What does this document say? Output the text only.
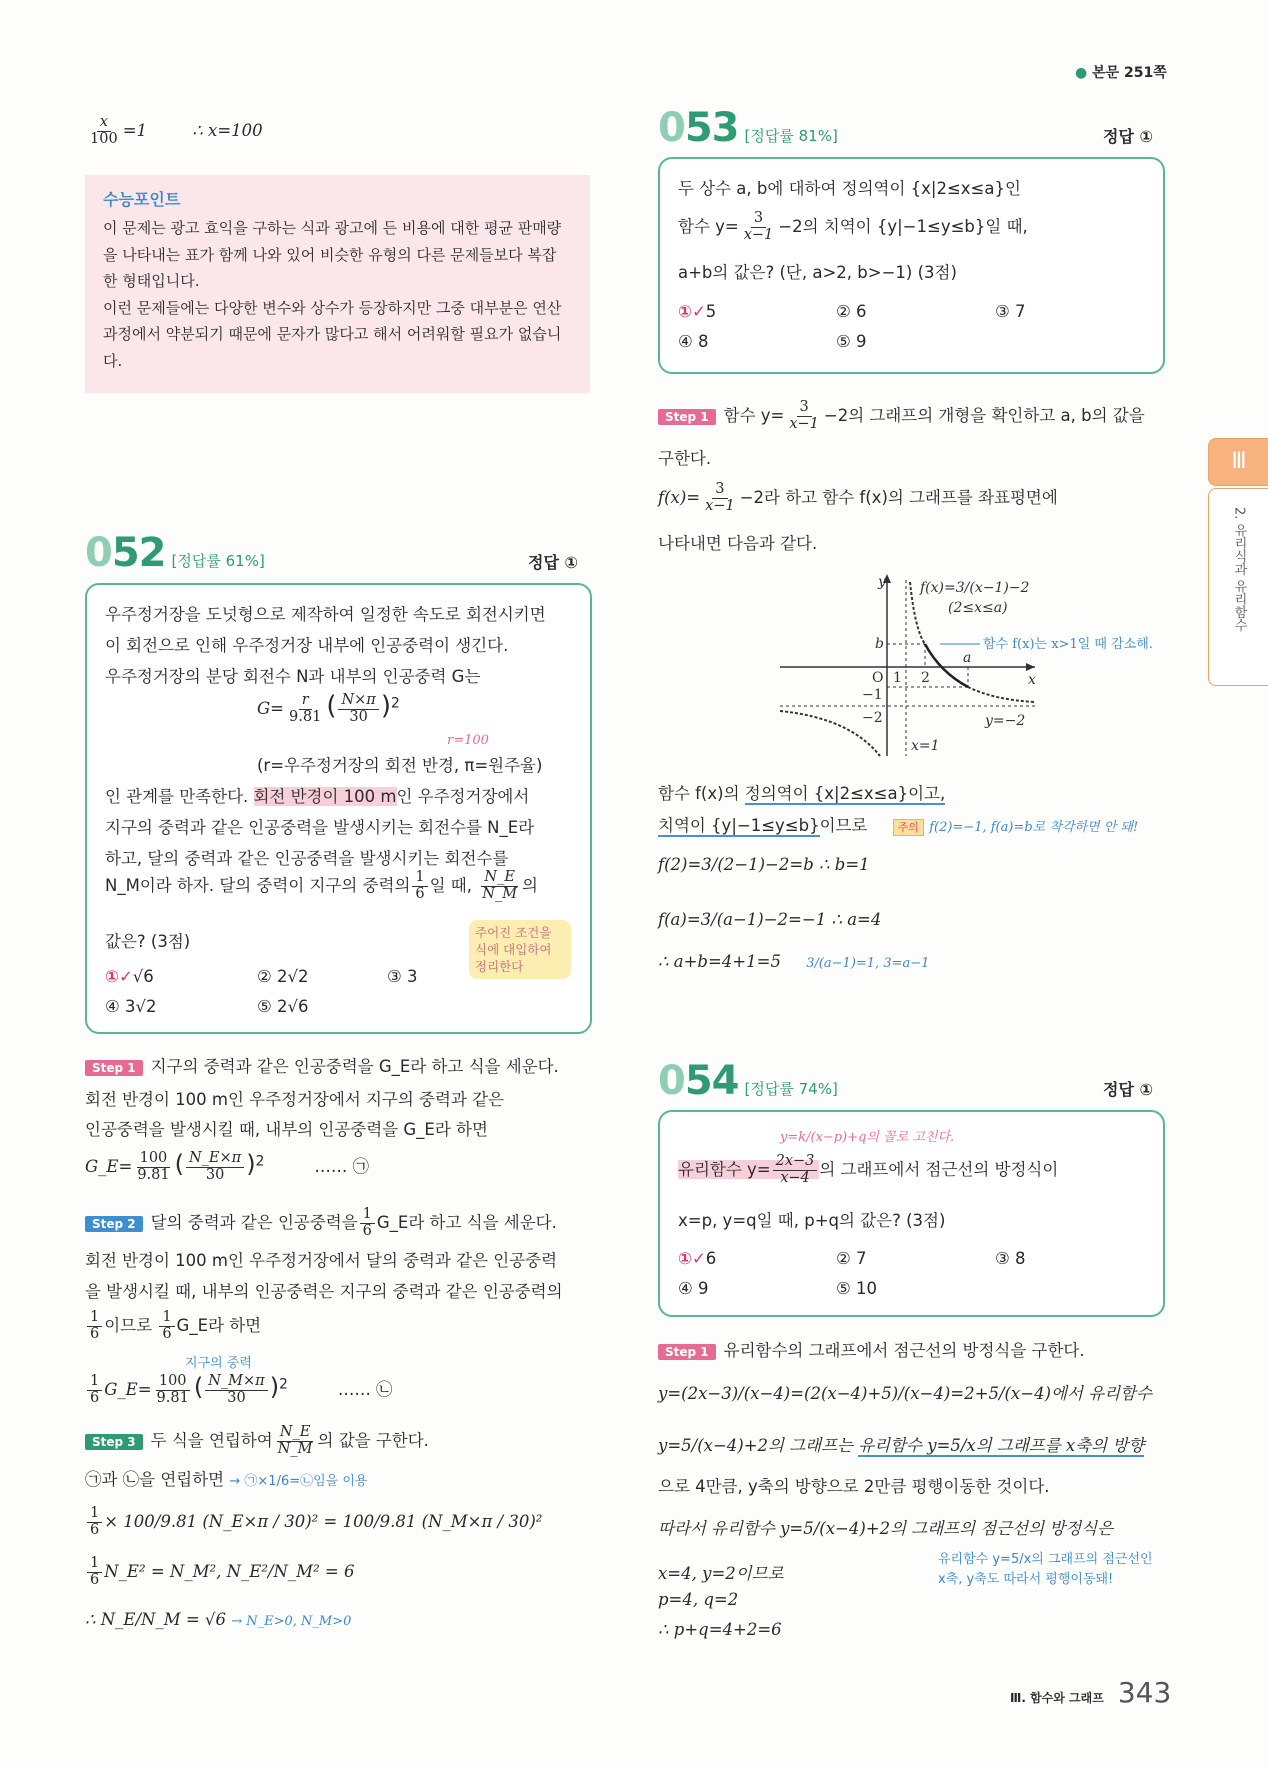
● 본문 251쪽
$\frac{x}{100} =1$	∴ x=100
수능포인트
이 문제는 광고 효익을 구하는 식과 광고에 든 비용에 대한 평균 판매량
을 나타내는 표가 함께 나와 있어 비슷한 유형의 다른 문제들보다 복잡
한 형태입니다.
이런 문제들에는 다양한 변수와 상수가 등장하지만 그중 대부분은 연산
과정에서 약분되기 때문에 문자가 많다고 해서 어려워할 필요가 없습니
다.
052 [정답률 61%]	정답 ①
우주정거장을 도넛형으로 제작하여 일정한 속도로 회전시키면
이 회전으로 인해 우주정거장 내부에 인공중력이 생긴다.
우주정거장의 분당 회전수 N과 내부의 인공중력 G는
$G= \frac{r}{9.81}$ ( $\frac{N\times\pi}{30} )^2$
r=100
(r=우주정거장의 회전 반경, π=원주율)
인 관계를 만족한다. 회전 반경이 100 m인 우주정거장에서
지구의 중력과 같은 인공중력을 발생시키는 회전수를 N_E라
하고, 달의 중력과 같은 인공중력을 발생시키는 회전수를
N_M이라 하자. 달의 중력이 지구의 중력의 $\frac{1}{6}$ 일 때, $\frac{N\_E}{N\_M}$ 의
값은? (3점)	주어진 조건을
식에 대입하여
정리한다
①✓√6	② 2√2	③ 3
④ 3√2	⑤ 2√6
Step 1 지구의 중력과 같은 인공중력을 G_E라 하고 식을 세운다.
회전 반경이 100 m인 우주정거장에서 지구의 중력과 같은
인공중력을 발생시킬 때, 내부의 인공중력을 G_E라 하면
G_E= $\frac{100}{9.81}$ ( $\frac{N\_E\times\pi}{30} )^2$	…… ㉠
Step 2 달의 중력과 같은 인공중력을 $\frac{1}{6}$ G_E라 하고 식을 세운다.
회전 반경이 100 m인 우주정거장에서 달의 중력과 같은 인공중력
을 발생시킬 때, 내부의 인공중력은 지구의 중력과 같은 인공중력의
$\frac{1}{6}$ 이므로 $\frac{1}{6}$ G_E라 하면
지구의 중력
$\frac{1}{6}$ G_E= $\frac{100}{9.81}$ ( $\frac{N\_M\times\pi}{30} )^2$	…… ㉡
Step 3 두 식을 연립하여 $\frac{N\_E}{N\_M}$ 의 값을 구한다.
㉠과 ㉡을 연립하면 → ㉠×1/6=㉡임을 이용
$\frac{1}{6} \times 100/9.81$ (N_E×π / 30)² = 100/9.81 (N_M×π / 30)²
$\frac{1}{6}$ N_E² = N_M², N_E²/N_M² = 6
∴ N_E/N_M = √6 → N_E>0, N_M>0
053 [정답률 81%]	정답 ①
두 상수 a, b에 대하여 정의역이 {x|2≤x≤a}인
함수 $y= \frac{3}{x-1} -2$의 치역이 {y|−1≤y≤b}일 때,
a+b의 값은? (단, a>2, b>−1) (3점)
①✓5	② 6	③ 7
④ 8	⑤ 9
Step 1 함수 $y= \frac{3}{x-1} -2$의 그래프의 개형을 확인하고 a, b의 값을
구한다.
$f(x)= \frac{3}{x-1} -2$라 하고 함수 f(x)의 그래프를 좌표평면에
나타내면 다음과 같다.
y
x
O 1 2
a
b
−1
−2
f(x)=3/(x−1)−2
(2≤x≤a)
y=−2
x=1
함수 f(x)는 x>1일 때 감소해.
함수 f(x)의 정의역이 {x|2≤x≤a}이고,
치역이 {y|−1≤y≤b}이므로	주의 f(2)=−1, f(a)=b로 착각하면 안 돼!
f(2)=3/(2−1)−2=b ∴ b=1
f(a)=3/(a−1)−2=−1 ∴ a=4
∴ a+b=4+1=5 3/(a−1)=1, 3=a−1
054 [정답률 74%]	정답 ①
y=k/(x−p)+q의 꼴로 고친다.
유리함수 $y= \frac{2x-3}{x-4}$ 의 그래프에서 점근선의 방정식이
x=p, y=q일 때, p+q의 값은? (3점)
①✓6	② 7	③ 8
④ 9	⑤ 10
Step 1 유리함수의 그래프에서 점근선의 방정식을 구한다.
y=(2x−3)/(x−4)=(2(x−4)+5)/(x−4)=2+5/(x−4)에서 유리함수
y=5/(x−4)+2의 그래프는 유리함수 y=5/x의 그래프를 x축의 방향
으로 4만큼, y축의 방향으로 2만큼 평행이동한 것이다.
따라서 유리함수 y=5/(x−4)+2의 그래프의 점근선의 방정식은
유리함수 y=5/x의 그래프의 점근선인
x축, y축도 따라서 평행이동돼!
x=4, y=2이므로
p=4, q=2
∴ p+q=4+2=6
Ⅲ
2. 유리식과 유리함수
Ⅲ. 함수와 그래프 343
